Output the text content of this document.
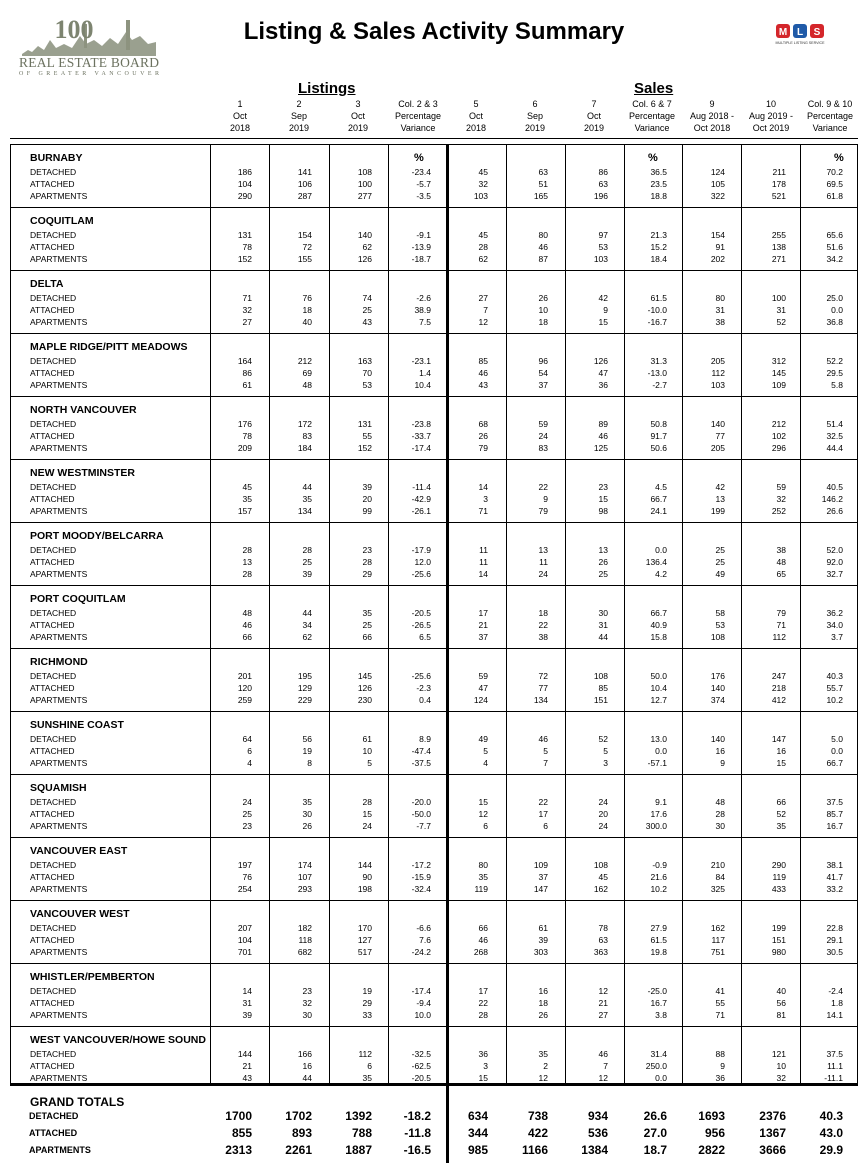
100
REAL ESTATE BOARD
OF GREATER VANCOUVER
Listing & Sales Activity Summary	M L S
MULTIPLE LISTING SERVICE
Listings	Sales
1
Oct
2018
2
Sep
2019
3
Oct
2019
Col. 2 & 3
Percentage
Variance
5
Oct
2018
6
Sep
2019
7
Oct
2019
Col. 6 & 7
Percentage
Variance
9
Aug 2018 -
Oct 2018
10
Aug 2019 -
Oct 2019
Col. 9 & 10
Percentage
Variance
BURNABY	%	%	%
DETACHED	186	141	108	-23.4	45	63	86	36.5	124	211	70.2
ATTACHED	104	106	100	-5.7	32	51	63	23.5	105	178	69.5
APARTMENTS	290	287	277	-3.5	103	165	196	18.8	322	521	61.8
COQUITLAM
DETACHED	131	154	140	-9.1	45	80	97	21.3	154	255	65.6
ATTACHED	78	72	62	-13.9	28	46	53	15.2	91	138	51.6
APARTMENTS	152	155	126	-18.7	62	87	103	18.4	202	271	34.2
DELTA
DETACHED	71	76	74	-2.6	27	26	42	61.5	80	100	25.0
ATTACHED	32	18	25	38.9	7	10	9	-10.0	31	31	0.0
APARTMENTS	27	40	43	7.5	12	18	15	-16.7	38	52	36.8
MAPLE RIDGE/PITT MEADOWS
DETACHED	164	212	163	-23.1	85	96	126	31.3	205	312	52.2
ATTACHED	86	69	70	1.4	46	54	47	-13.0	112	145	29.5
APARTMENTS	61	48	53	10.4	43	37	36	-2.7	103	109	5.8
NORTH VANCOUVER
DETACHED	176	172	131	-23.8	68	59	89	50.8	140	212	51.4
ATTACHED	78	83	55	-33.7	26	24	46	91.7	77	102	32.5
APARTMENTS	209	184	152	-17.4	79	83	125	50.6	205	296	44.4
NEW WESTMINSTER
DETACHED	45	44	39	-11.4	14	22	23	4.5	42	59	40.5
ATTACHED	35	35	20	-42.9	3	9	15	66.7	13	32	146.2
APARTMENTS	157	134	99	-26.1	71	79	98	24.1	199	252	26.6
PORT MOODY/BELCARRA
DETACHED	28	28	23	-17.9	11	13	13	0.0	25	38	52.0
ATTACHED	13	25	28	12.0	11	11	26	136.4	25	48	92.0
APARTMENTS	28	39	29	-25.6	14	24	25	4.2	49	65	32.7
PORT COQUITLAM
DETACHED	48	44	35	-20.5	17	18	30	66.7	58	79	36.2
ATTACHED	46	34	25	-26.5	21	22	31	40.9	53	71	34.0
APARTMENTS	66	62	66	6.5	37	38	44	15.8	108	112	3.7
RICHMOND
DETACHED	201	195	145	-25.6	59	72	108	50.0	176	247	40.3
ATTACHED	120	129	126	-2.3	47	77	85	10.4	140	218	55.7
APARTMENTS	259	229	230	0.4	124	134	151	12.7	374	412	10.2
SUNSHINE COAST
DETACHED	64	56	61	8.9	49	46	52	13.0	140	147	5.0
ATTACHED	6	19	10	-47.4	5	5	5	0.0	16	16	0.0
APARTMENTS	4	8	5	-37.5	4	7	3	-57.1	9	15	66.7
SQUAMISH
DETACHED	24	35	28	-20.0	15	22	24	9.1	48	66	37.5
ATTACHED	25	30	15	-50.0	12	17	20	17.6	28	52	85.7
APARTMENTS	23	26	24	-7.7	6	6	24	300.0	30	35	16.7
VANCOUVER EAST
DETACHED	197	174	144	-17.2	80	109	108	-0.9	210	290	38.1
ATTACHED	76	107	90	-15.9	35	37	45	21.6	84	119	41.7
APARTMENTS	254	293	198	-32.4	119	147	162	10.2	325	433	33.2
VANCOUVER WEST
DETACHED	207	182	170	-6.6	66	61	78	27.9	162	199	22.8
ATTACHED	104	118	127	7.6	46	39	63	61.5	117	151	29.1
APARTMENTS	701	682	517	-24.2	268	303	363	19.8	751	980	30.5
WHISTLER/PEMBERTON
DETACHED	14	23	19	-17.4	17	16	12	-25.0	41	40	-2.4
ATTACHED	31	32	29	-9.4	22	18	21	16.7	55	56	1.8
APARTMENTS	39	30	33	10.0	28	26	27	3.8	71	81	14.1
WEST VANCOUVER/HOWE SOUND
DETACHED	144	166	112	-32.5	36	35	46	31.4	88	121	37.5
ATTACHED	21	16	6	-62.5	3	2	7	250.0	9	10	11.1
APARTMENTS	43	44	35	-20.5	15	12	12	0.0	36	32	-11.1
GRAND TOTALS
DETACHED	1700	1702	1392	-18.2	634	738	934	26.6	1693	2376	40.3
ATTACHED	855	893	788	-11.8	344	422	536	27.0	956	1367	43.0
APARTMENTS	2313	2261	1887	-16.5	985	1166	1384	18.7	2822	3666	29.9
